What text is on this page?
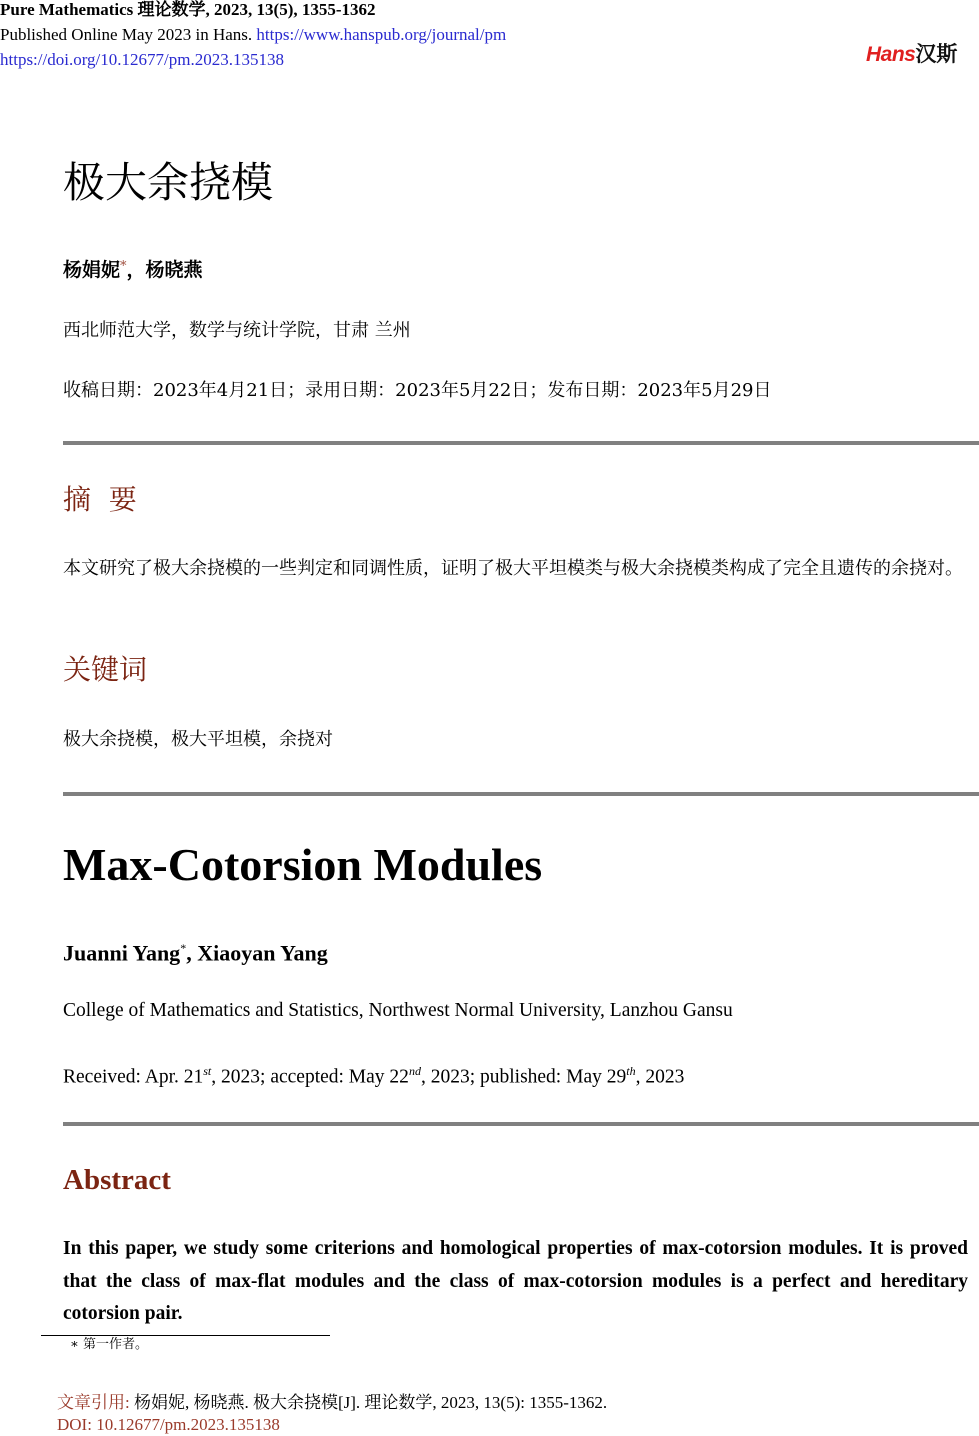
Pure Mathematics 理论数学, 2023, 13(5), 1355-1362
Published Online May 2023 in Hans. https://www.hanspub.org/journal/pm
https://doi.org/10.12677/pm.2023.135138	Hans汉斯
极大余挠模
杨娟妮*，杨晓燕
西北师范大学，数学与统计学院，甘肃 兰州
收稿日期：2023年4月21日；录用日期：2023年5月22日；发布日期：2023年5月29日
摘  要
本文研究了极大余挠模的一些判定和同调性质，证明了极大平坦模类与极大余挠模类构成了完全且遗传的余挠对。
关键词
极大余挠模，极大平坦模，余挠对
Max-Cotorsion Modules
Juanni Yang*, Xiaoyan Yang
College of Mathematics and Statistics, Northwest Normal University, Lanzhou Gansu
Received: Apr. 21st, 2023; accepted: May 22nd, 2023; published: May 29th, 2023
Abstract
In this paper, we study some criterions and homological properties of max-cotorsion modules. It is proved that the class of max-flat modules and the class of max-cotorsion modules is a perfect and hereditary cotorsion pair.
∗ 第一作者。
文章引用: 杨娟妮, 杨晓燕. 极大余挠模[J]. 理论数学, 2023, 13(5): 1355-1362.
DOI: 10.12677/pm.2023.135138
